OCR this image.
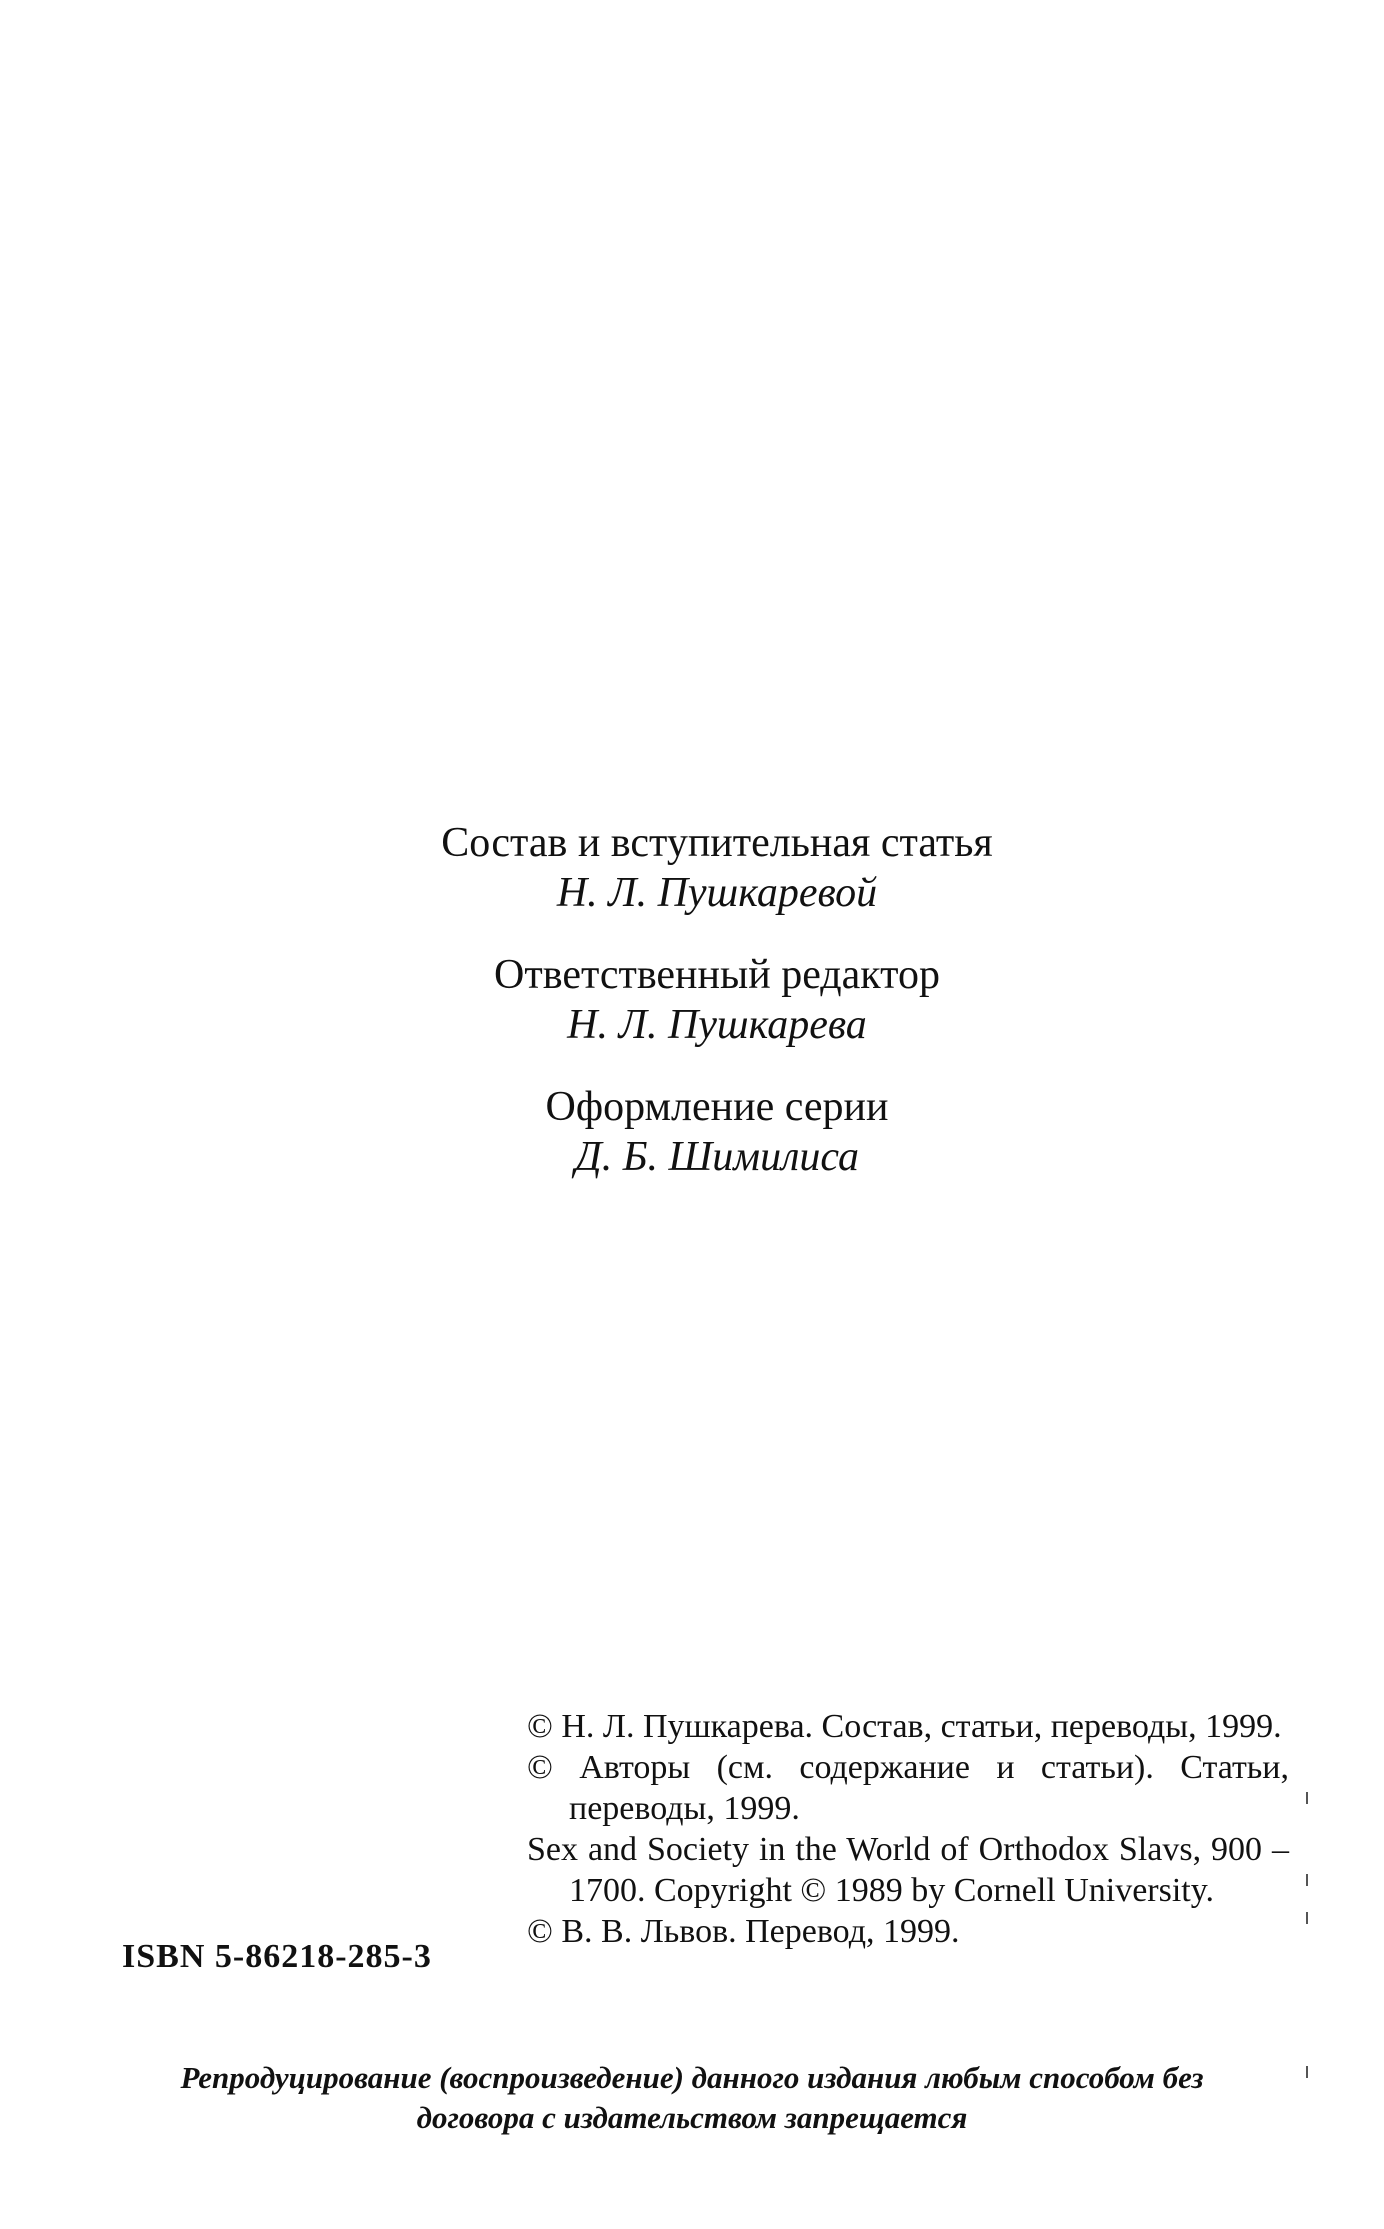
Состав и вступительная статья
Н. Л. Пушкаревой
Ответственный редактор
Н. Л. Пушкарева
Оформление серии
Д. Б. Шимилиса
© Н. Л. Пушкарева. Состав, статьи, переводы, 1999.
© Авторы (см. содержание и статьи). Статьи, переводы, 1999.
Sex and Society in the World of Orthodox Slavs, 900 – 1700. Copyright © 1989 by Cornell University.
© В. В. Львов. Перевод, 1999.
ISBN 5-86218-285-3
Репродуцирование (воспроизведение) данного издания любым способом без
договора с издательством запрещается
